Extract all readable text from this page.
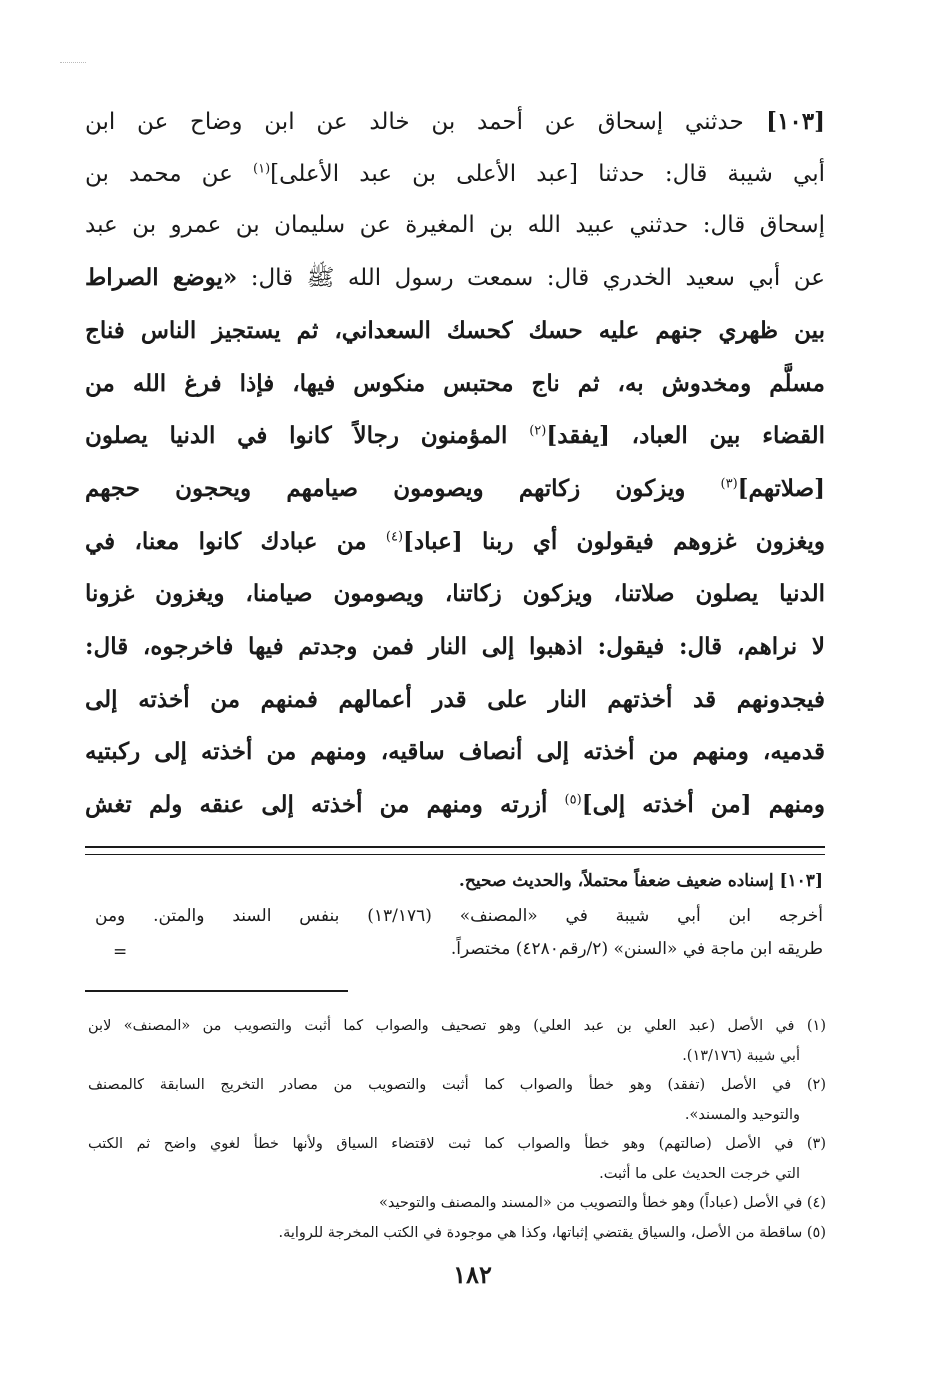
[١٠٣] حدثني إسحاق عن أحمد بن خالد عن ابن وضاح عن ابن
أبي شيبة قال: حدثنا [عبد الأعلى بن عبد الأعلى]$^{(١)}$ عن محمد بن
إسحاق قال: حدثني عبيد الله بن المغيرة عن سليمان بن عمرو بن عبد
عن أبي سعيد الخدري قال: سمعت رسول الله ﷺ قال: «يوضع الصراط
بين ظهري جنهم عليه حسك كحسك السعداني، ثم يستجيز الناس فناج
مسلَّم ومخدوش به، ثم ناج محتبس منكوس فيها، فإذا فرغ الله من
القضاء بين العباد، [يفقد]$^{(٢)}$ المؤمنون رجالاً كانوا في الدنيا يصلون
[صلاتهم]$^{(٣)}$ ويزكون زكاتهم ويصومون صيامهم ويحجون حجهم
ويغزون غزوهم فيقولون أي ربنا [عباد]$^{(٤)}$ من عبادك كانوا معنا، في
الدنيا يصلون صلاتنا، ويزكون زكاتنا، ويصومون صيامنا، ويغزون غزونا
لا نراهم، قال: فيقول: اذهبوا إلى النار فمن وجدتم فيها فاخرجوه، قال:
فيجدونهم قد أخذتهم النار على قدر أعمالهم فمنهم من أخذته إلى
قدميه، ومنهم من أخذته إلى أنصاف ساقيه، ومنهم من أخذته إلى ركبتيه
ومنهم [من أخذته إلى]$^{(٥)}$ أزرته ومنهم من أخذته إلى عنقه ولم تغش

[١٠٣] إسناده ضعيف ضعفاً محتملاً، والحديث صحيح.
أخرجه ابن أبي شيبة في «المصنف» (١٣/١٧٦) بنفس السند والمتن. ومن
طريقه ابن ماجة في «السنن» (٢/رقم٤٢٨٠) مختصراً.
=
(١) في الأصل (عبد العلي بن عبد العلي) وهو تصحيف والصواب كما أثبت والتصويب من «المصنف» لابن
أبي شيبة (١٣/١٧٦).
(٢) في الأصل (تفقد) وهو خطأ والصواب كما أثبت والتصويب من مصادر التخريج السابقة كالمصنف
والتوحيد والمسند».
(٣) في الأصل (صالتهم) وهو خطأ والصواب كما ثبت لاقتضاء السياق ولأنها خطأ لغوي واضح ثم الكتب
التي خرجت الحديث على ما أثبت.
(٤) في الأصل (عباداً) وهو خطأ والتصويب من «المسند والمصنف والتوحيد»
(٥) ساقطة من الأصل، والسياق يقتضي إثباتها، وكذا هي موجودة في الكتب المخرجة للرواية.
١٨٢
